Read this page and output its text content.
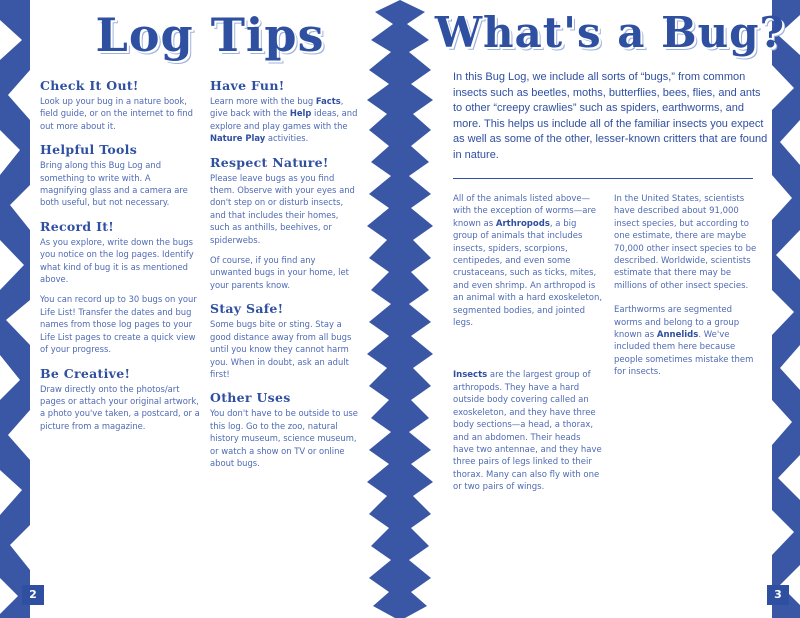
Log Tips
Check It Out!

Look up your bug in a nature book, field guide, or on the internet to find out more about it.

Helpful Tools

Bring along this Bug Log and something to write with. A magnifying glass and a camera are both useful, but not necessary.

Record It!

As you explore, write down the bugs you notice on the log pages. Identify what kind of bug it is as mentioned above.

You can record up to 30 bugs on your Life List! Transfer the dates and bug names from those log pages to your Life List pages to create a quick view of your progress.

Be Creative!

Draw directly onto the photos/art pages or attach your original artwork, a photo you've taken, a postcard, or a picture from a magazine.

Have Fun!

Learn more with the bug Facts, give back with the Help ideas, and explore and play games with the Nature Play activities.

Respect Nature!

Please leave bugs as you find them. Observe with your eyes and don't step on or disturb insects, and that includes their homes, such as anthills, beehives, or spiderwebs.

Of course, if you find any unwanted bugs in your home, let your parents know.

Stay Safe!

Some bugs bite or sting. Stay a good distance away from all bugs until you know they cannot harm you. When in doubt, ask an adult first!

Other Uses

You don't have to be outside to use this log. Go to the zoo, natural history museum, science museum, or watch a show on TV or online about bugs.

2
What's a Bug?
In this Bug Log, we include all sorts of “bugs,” from common insects such as beetles, moths, butterflies, bees, flies, and ants to other “creepy crawlies” such as spiders, earthworms, and more. This helps us include all of the familiar insects you expect as well as some of the other, lesser-known critters that are found in nature.

All of the animals listed above—with the exception of worms—are known as Arthropods, a big group of animals that includes insects, spiders, scorpions, centipedes, and even some crustaceans, such as ticks, mites, and even shrimp. An arthropod is an animal with a hard exoskeleton, segmented bodies, and jointed legs.

Insects are the largest group of arthropods. They have a hard outside body covering called an exoskeleton, and they have three body sections—a head, a thorax, and an abdomen. Their heads have two antennae, and they have three pairs of legs linked to their thorax. Many can also fly with one or two pairs of wings.

In the United States, scientists have described about 91,000 insect species, but according to one estimate, there are maybe 70,000 other insect species to be described. Worldwide, scientists estimate that there may be millions of other insect species.

Earthworms are segmented worms and belong to a group known as Annelids. We've included them here because people sometimes mistake them for insects.

3
